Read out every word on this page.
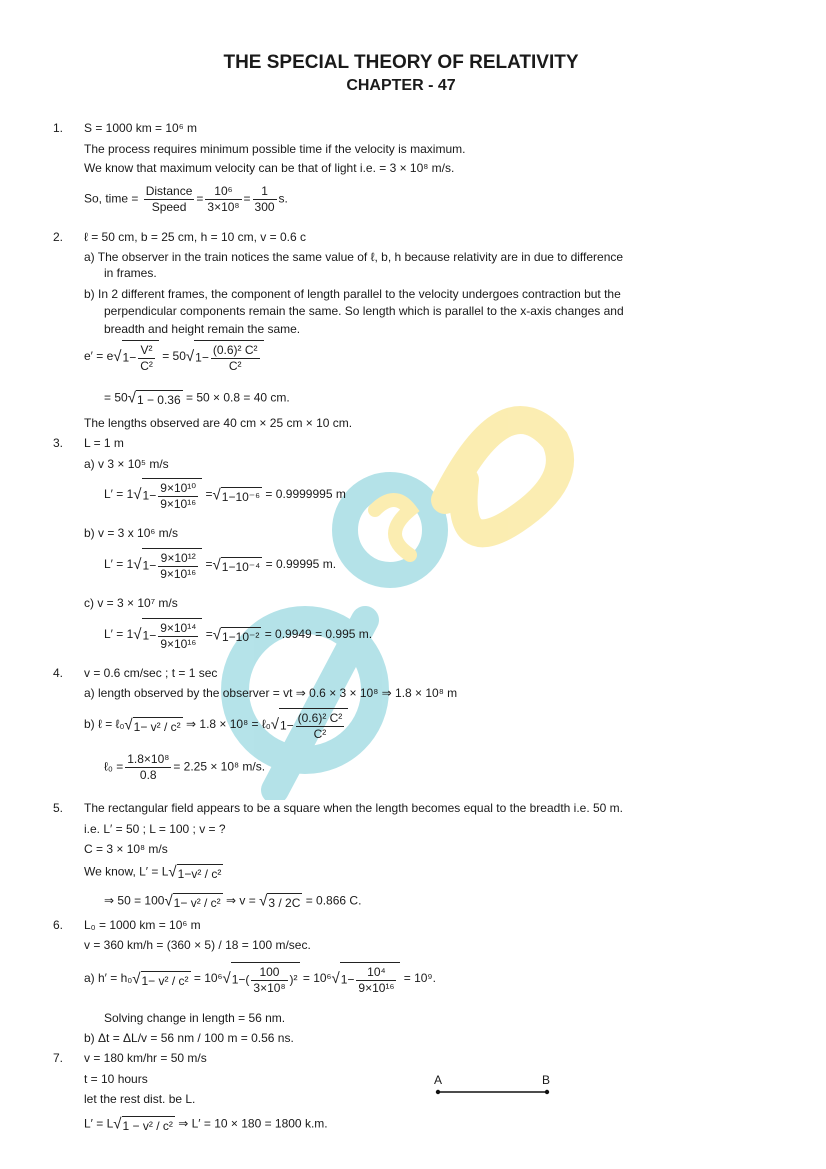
THE SPECIAL THEORY OF RELATIVITY
CHAPTER - 47
1. S = 1000 km = 10⁶ m
The process requires minimum possible time if the velocity is maximum.
We know that maximum velocity can be that of light i.e. = 3 × 10⁸ m/s.
So, time = $\frac{\text{Distance}}{\text{Speed}} = \frac{\text{10⁶}}{\text{3×10⁸}} = \frac{1}{300} s$.
2. ℓ = 50 cm, b = 25 cm, h = 10 cm, v = 0.6 c
a) The observer in the train notices the same value of ℓ, b, h because relativity are in due to difference
in frames.
b) In 2 different frames, the component of length parallel to the velocity undergoes contraction but the
perpendicular components remain the same. So length which is parallel to the x-axis changes and
breadth and height remain the same.
$e' = e√1- \frac{\text{V²}}{\text{C²}} = 50√1- \frac{\text{(0.6)² C²}}{\text{C²}}$
= 50√1 − 0.36 = 50 × 0.8 = 40 cm.
The lengths observed are 40 cm × 25 cm × 10 cm.
3. L = 1 m
a) v 3 × 10⁵ m/s
$L' = 1√1- \frac{\text{9×10¹⁰}}{\text{9×10¹⁶}} =√1-10^{-6} = 0.9999995$ m
b) v = 3 x 10⁶ m/s
$L' = 1√1- \frac{\text{9×10¹²}}{\text{9×10¹⁶}} =√1-10^{-4} = 0.99995$ m.
c) v = 3 × 10⁷ m/s
$L' = 1√1- \frac{\text{9×10¹⁴}}{\text{9×10¹⁶}} =√1-10^{-2} = 0.9949 = 0.995$ m.
4. v = 0.6 cm/sec ; t = 1 sec
a) length observed by the observer = vt ⇒ 0.6 × 3 × 10⁸ ⇒ 1.8 × 10⁸ m
b) ℓ = ℓ₀√1− v² / c² ⇒ 1.8 × 10⁸ = ℓ₀√1− $\frac{\text{(0.6)² C²}}{\text{C²}}$
ℓ₀ = $\frac{\text{1.8×10⁸}}{0.8} = 2.25 \times 10^8$ m/s.
5. The rectangular field appears to be a square when the length becomes equal to the breadth i.e. 50 m.
i.e. L′ = 50 ; L = 100 ; v = ?
C = 3 × 10⁸ m/s
We know, L′ = L√1−v² / c²
⇒ 50 = 100√1− v² / c² ⇒ v = √3 / 2C = 0.866 C.
6. L₀ = 1000 km = 10⁶ m
v = 360 km/h = (360 × 5) / 18 = 100 m/sec.
a) $h' = h_0√1- v^2 / c^2 = 10^6√1-( \frac{100}{\text{3×10⁸}} )^2 = 10^6√1- \frac{\text{10⁴}}{\text{9×10¹⁶}} = 10^9$.
Solving change in length = 56 nm.
b) Δt = ΔL/v = 56 nm / 100 m = 0.56 ns.
7. v = 180 km/hr = 50 m/s
t = 10 hours
let the rest dist. be L.
L′ = L√1 − v² / c² ⇒ L′ = 10 × 180 = 1800 k.m.
A	B
